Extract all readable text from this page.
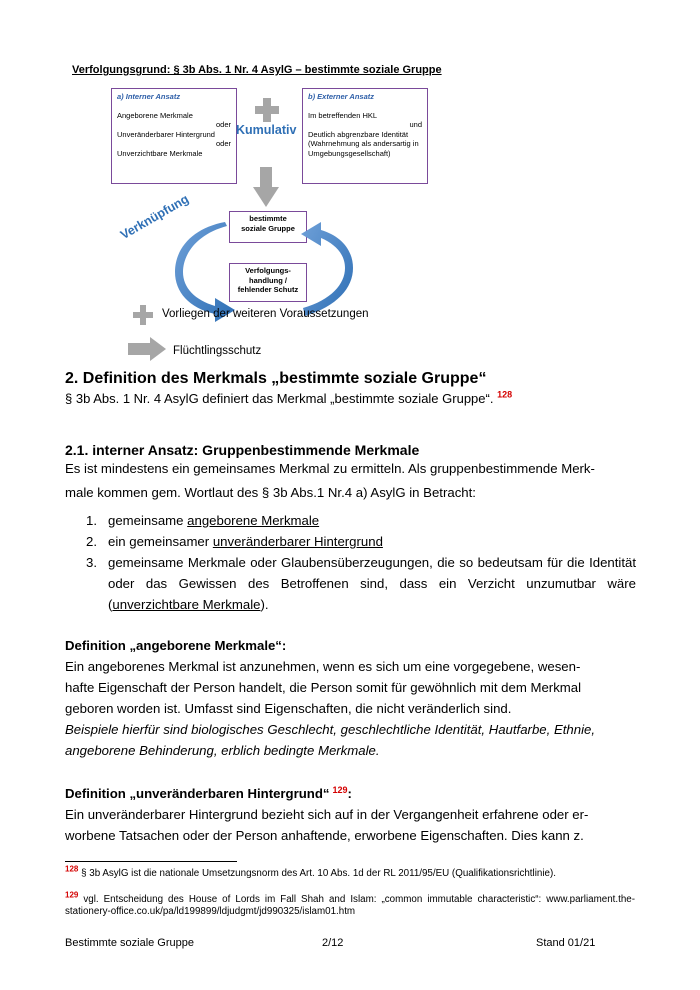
Verfolgungsgrund: § 3b Abs. 1 Nr. 4 AsylG – bestimmte soziale Gruppe
a) Interner Ansatz
Angeborene Merkmale
oder
Unveränderbarer Hintergrund
oder
Unverzichtbare Merkmale
Kumulativ
b) Externer Ansatz
Im betreffenden HKL
und
Deutlich abgrenzbare Identität
(Wahrnehmung als andersartig in
Umgebungsgesellschaft)
bestimmte
soziale Gruppe
Verknüpfung
Verfolgungs-
handlung /
fehlender Schutz
Vorliegen der weiteren Voraussetzungen
Flüchtlingsschutz
2. Definition des Merkmals „bestimmte soziale Gruppe“
§ 3b Abs. 1 Nr. 4 AsylG definiert das Merkmal „bestimmte soziale Gruppe“. $^{128}$
2.1. interner Ansatz: Gruppenbestimmende Merkmale
Es ist mindestens ein gemeinsames Merkmal zu ermitteln. Als gruppenbestimmende Merk-
male kommen gem. Wortlaut des § 3b Abs.1 Nr.4 a) AsylG in Betracht:
1. gemeinsame angeborene Merkmale
2. ein gemeinsamer unveränderbarer Hintergrund
3. gemeinsame Merkmale oder Glaubensüberzeugungen, die so bedeutsam für die Identität oder das Gewissen des Betroffenen sind, dass ein Verzicht unzumutbar wäre (unverzichtbare Merkmale).
Definition „angeborene Merkmale“:
Ein angeborenes Merkmal ist anzunehmen, wenn es sich um eine vorgegebene, wesen-
hafte Eigenschaft der Person handelt, die Person somit für gewöhnlich mit dem Merkmal
geboren worden ist. Umfasst sind Eigenschaften, die nicht veränderlich sind.
Beispiele hierfür sind biologisches Geschlecht, geschlechtliche Identität, Hautfarbe, Ethnie,
angeborene Behinderung, erblich bedingte Merkmale.
Definition „unveränderbaren Hintergrund“ $^{129}$:
Ein unveränderbarer Hintergrund bezieht sich auf in der Vergangenheit erfahrene oder er-
worbene Tatsachen oder der Person anhaftende, erworbene Eigenschaften. Dies kann z.
$^{128}$ § 3b AsylG ist die nationale Umsetzungsnorm des Art. 10 Abs. 1d der RL 2011/95/EU (Qualifikationsrichtlinie).
$^{129}$ vgl. Entscheidung des House of Lords im Fall Shah and Islam: „common immutable characteristic“: www.parliament.the-stationery-office.co.uk/pa/ld199899/ldjudgmt/jd990325/islam01.htm
Bestimmte soziale Gruppe	2/12	Stand 01/21
